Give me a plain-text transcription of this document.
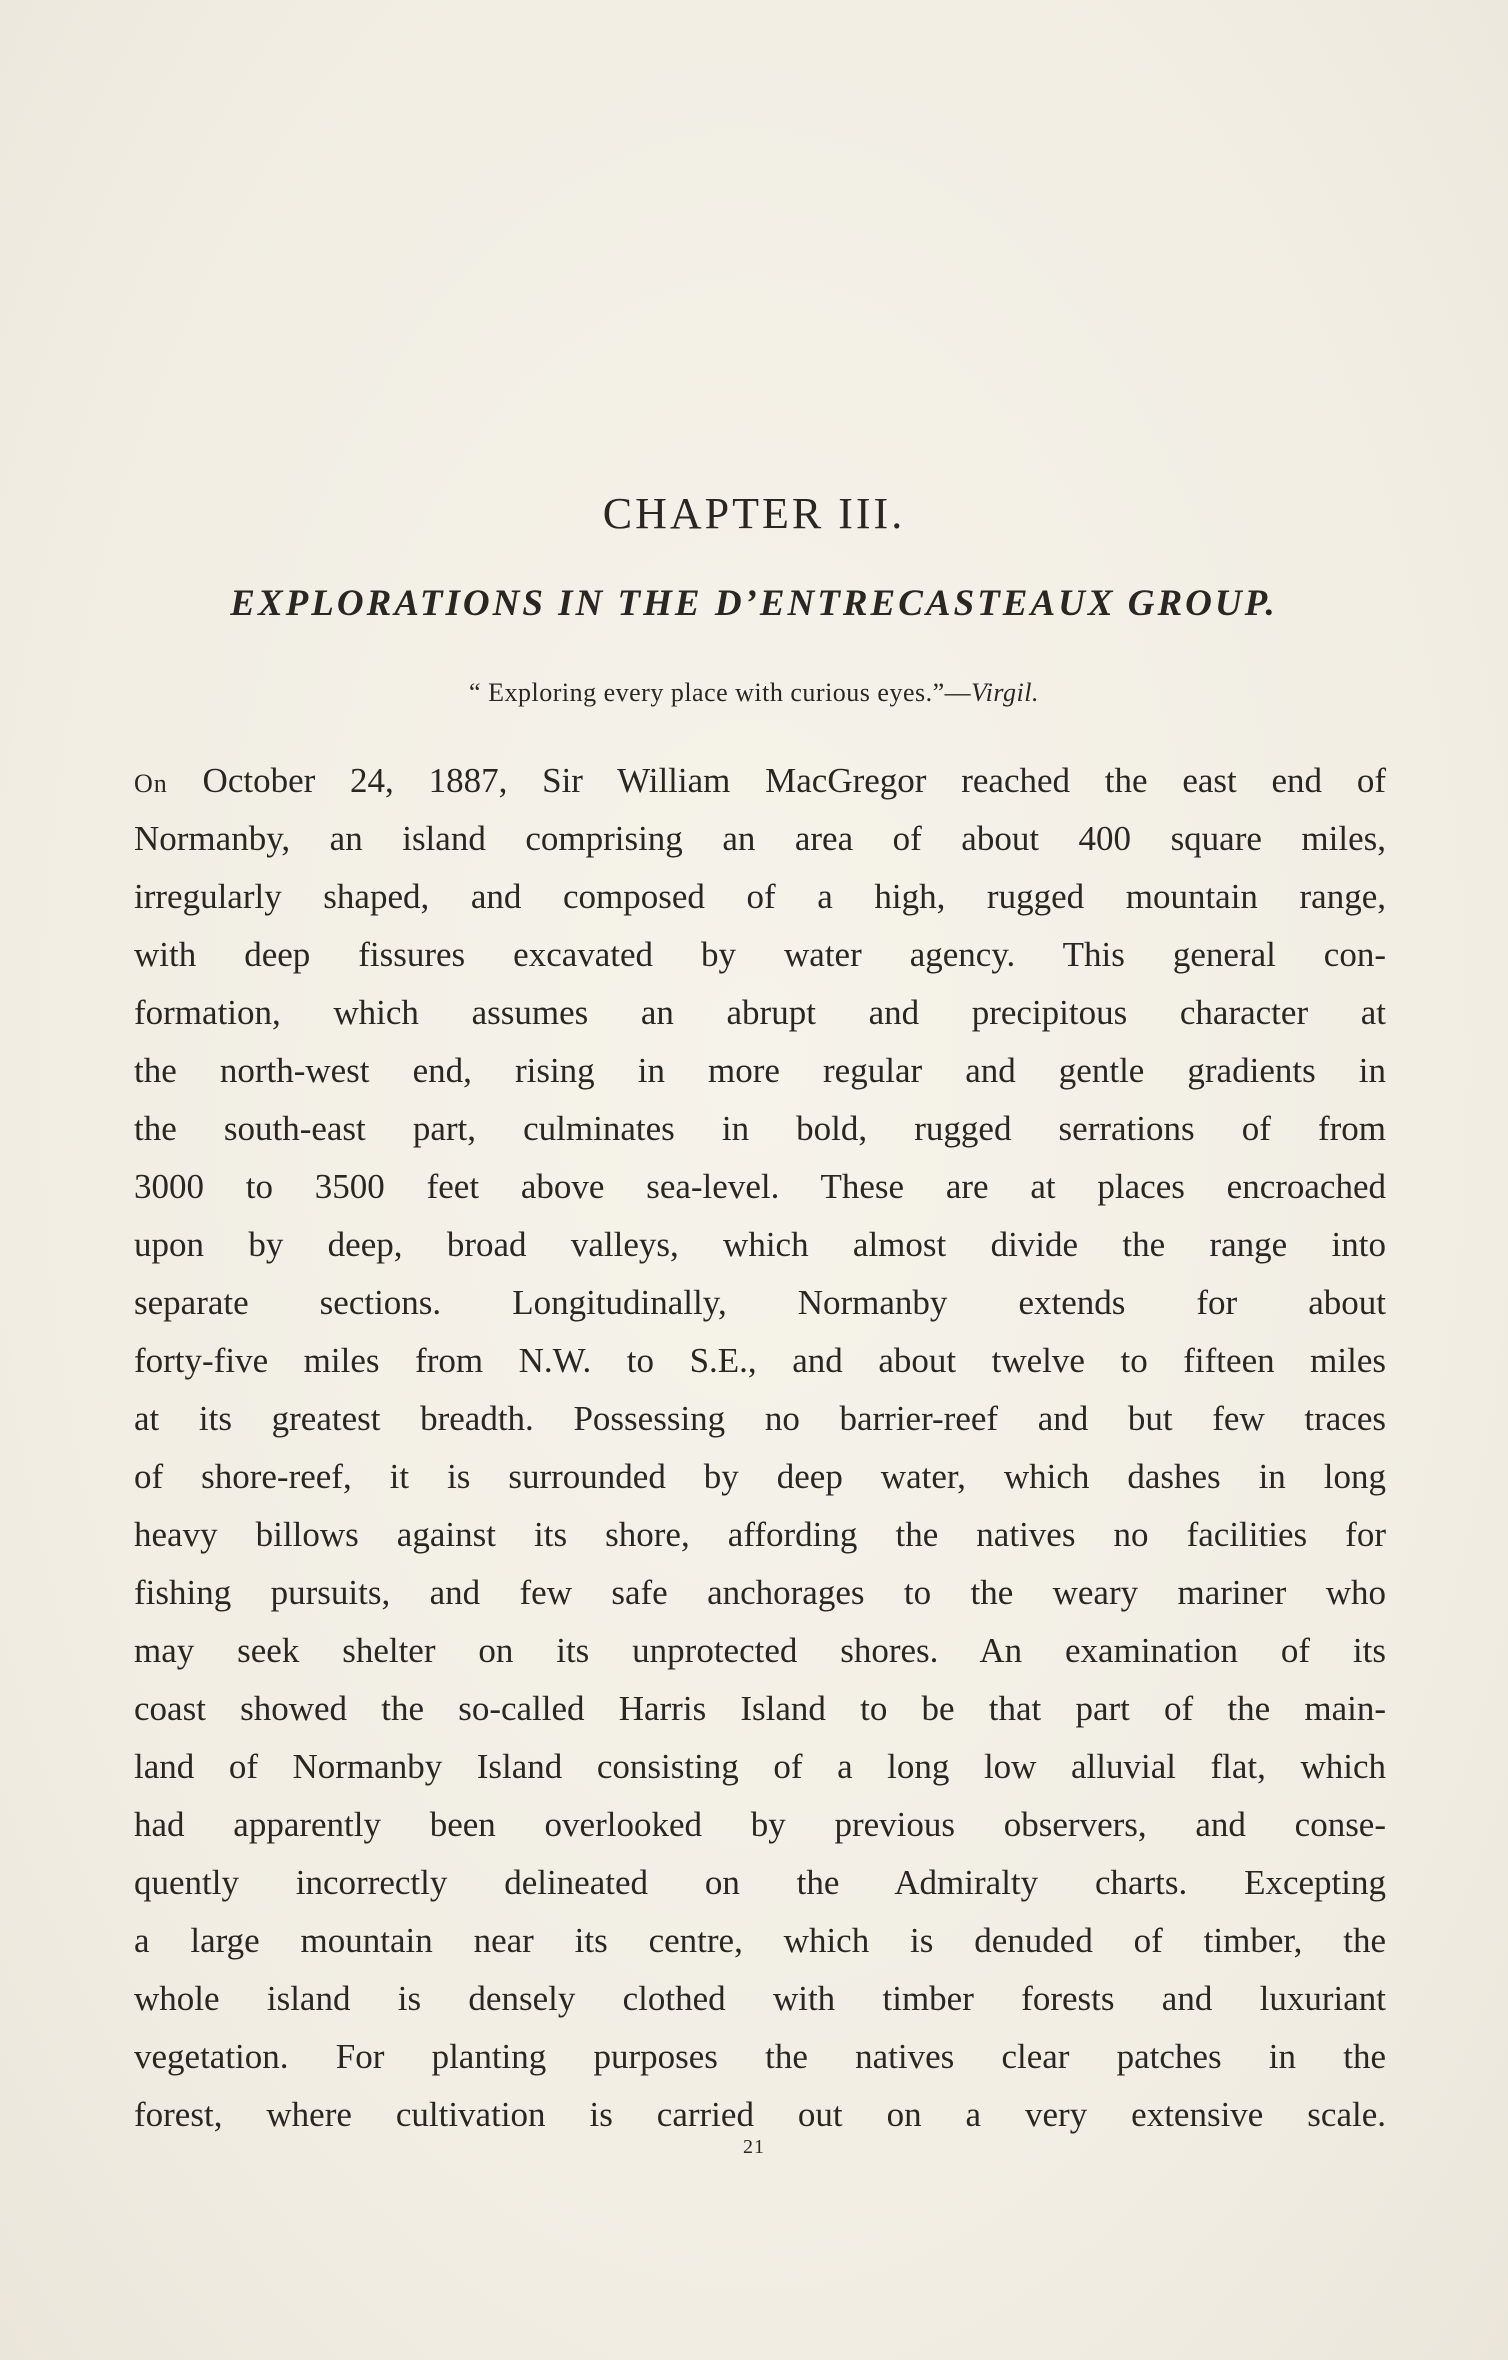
CHAPTER III.
EXPLORATIONS IN THE D’ENTRECASTEAUX GROUP.

“ Exploring every place with curious eyes.”—Virgil.

On October 24, 1887, Sir William MacGregor reached the east end of
Normanby, an island comprising an area of about 400 square miles,
irregularly shaped, and composed of a high, rugged mountain range,
with deep fissures excavated by water agency. This general con-
formation, which assumes an abrupt and precipitous character at
the north-west end, rising in more regular and gentle gradients in
the south-east part, culminates in bold, rugged serrations of from
3000 to 3500 feet above sea-level. These are at places encroached
upon by deep, broad valleys, which almost divide the range into
separate sections. Longitudinally, Normanby extends for about
forty-five miles from N.W. to S.E., and about twelve to fifteen miles
at its greatest breadth. Possessing no barrier-reef and but few traces
of shore-reef, it is surrounded by deep water, which dashes in long
heavy billows against its shore, affording the natives no facilities for
fishing pursuits, and few safe anchorages to the weary mariner who
may seek shelter on its unprotected shores. An examination of its
coast showed the so-called Harris Island to be that part of the main-
land of Normanby Island consisting of a long low alluvial flat, which
had apparently been overlooked by previous observers, and conse-
quently incorrectly delineated on the Admiralty charts. Excepting
a large mountain near its centre, which is denuded of timber, the
whole island is densely clothed with timber forests and luxuriant
vegetation. For planting purposes the natives clear patches in the
forest, where cultivation is carried out on a very extensive scale.

21
